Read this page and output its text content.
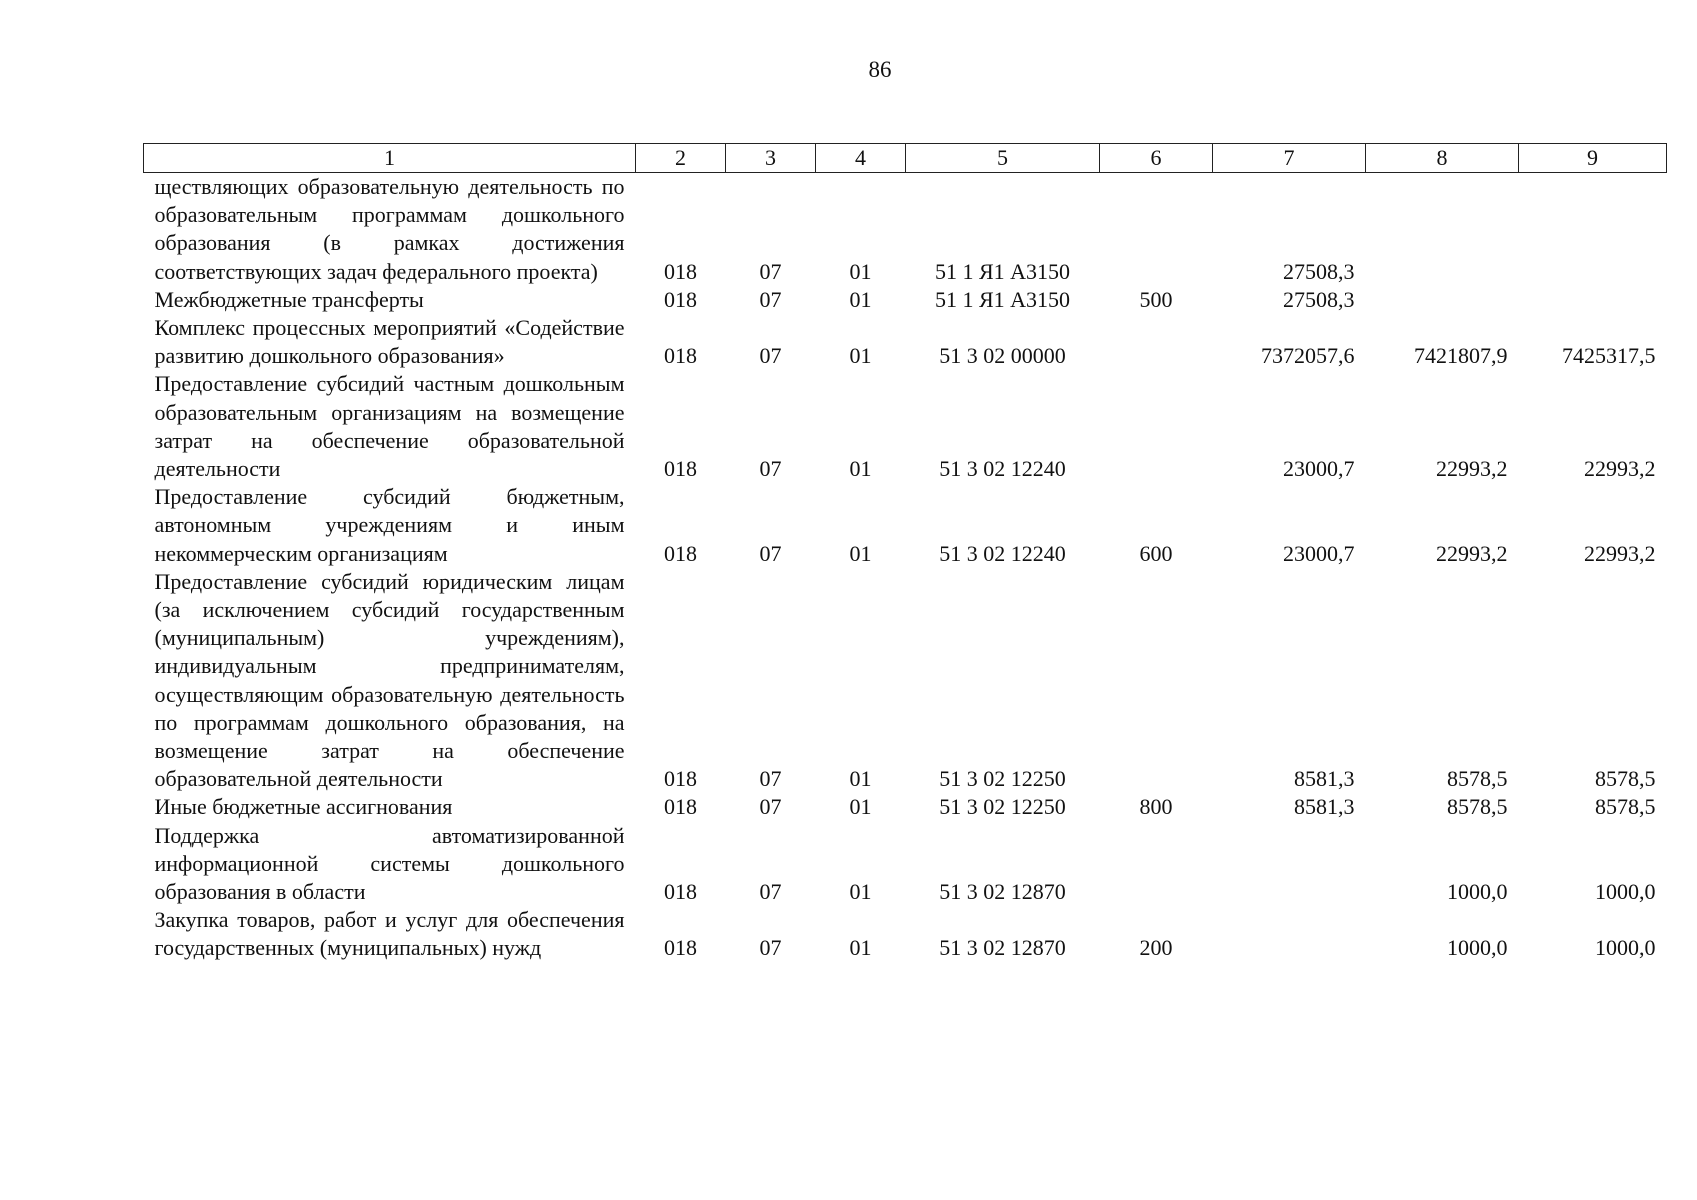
86
1	2	3	4	5	6	7	8	9
ществляющих образовательную деятельность по образовательным программам дошкольного образования (в рамках достижения соответствующих задач федерального проекта)	018	07	01	51 1 Я1 А3150		27508,3		
Межбюджетные трансферты	018	07	01	51 1 Я1 А3150	500	27508,3		
Комплекс процессных мероприятий «Содействие развитию дошкольного образования»	018	07	01	51 3 02 00000		7372057,6	7421807,9	7425317,5
Предоставление субсидий частным дошкольным образовательным организациям на возмещение затрат на обеспечение образовательной деятельности	018	07	01	51 3 02 12240		23000,7	22993,2	22993,2
Предоставление субсидий бюджетным, автономным учреждениям и иным некоммерческим организациям	018	07	01	51 3 02 12240	600	23000,7	22993,2	22993,2
Предоставление субсидий юридическим лицам (за исключением субсидий государственным (муниципальным) учреждениям), индивидуальным предпринимателям, осуществляющим образовательную деятельность по программам дошкольного образования, на возмещение затрат на обеспечение образовательной деятельности	018	07	01	51 3 02 12250		8581,3	8578,5	8578,5
Иные бюджетные ассигнования	018	07	01	51 3 02 12250	800	8581,3	8578,5	8578,5
Поддержка автоматизированной информационной системы дошкольного образования в области	018	07	01	51 3 02 12870			1000,0	1000,0
Закупка товаров, работ и услуг для обеспечения государственных (муниципальных) нужд	018	07	01	51 3 02 12870	200		1000,0	1000,0
